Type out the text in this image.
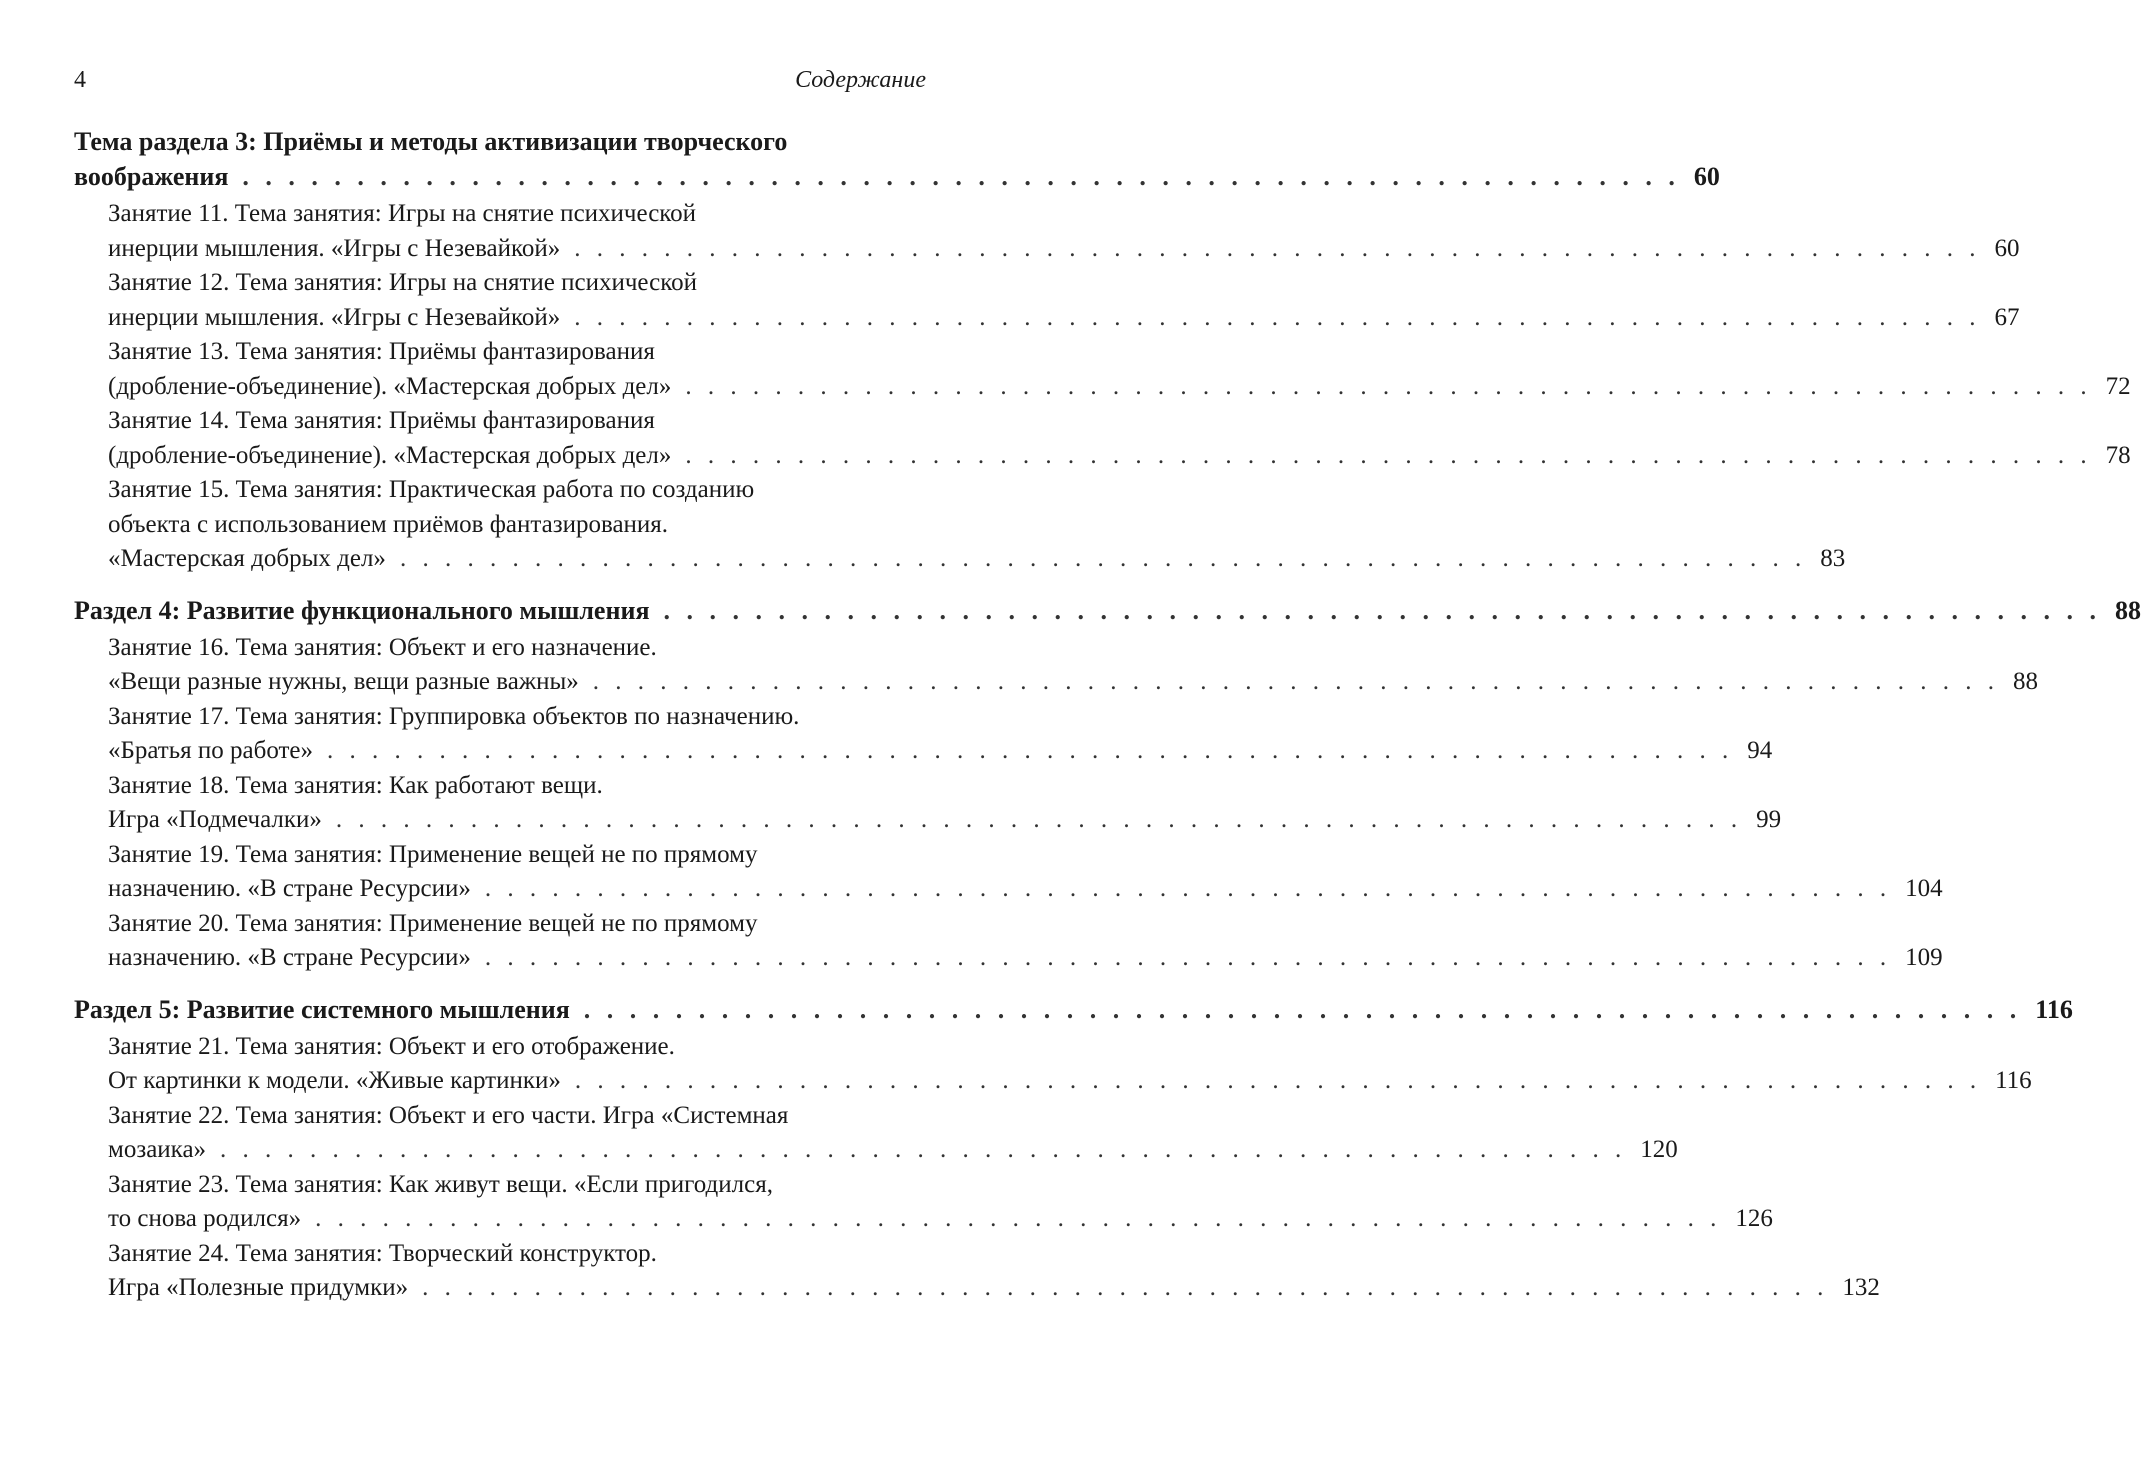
4	Содержание
Тема раздела 3: Приёмы и методы активизации творческого
воображения . . . . . . . . . . . . . . . . . . . . . . . . . . . . . . . . . . . . . . . . . . . . . . . . . . . . . . . . . . . . . . . 60
Занятие 11. Тема занятия: Игры на снятие психической
инерции мышления. «Игры с Незевайкой» . . . . . . . . . . . . . . . . . . . . . . . . . . . . . . . . . . . . . . . . . . . . . . . . . . . . . . . . . . . . . . . 60
Занятие 12. Тема занятия: Игры на снятие психической
инерции мышления. «Игры с Незевайкой» . . . . . . . . . . . . . . . . . . . . . . . . . . . . . . . . . . . . . . . . . . . . . . . . . . . . . . . . . . . . . . . 67
Занятие 13. Тема занятия: Приёмы фантазирования
(дробление-объединение). «Мастерская добрых дел» . . . . . . . . . . . . . . . . . . . . . . . . . . . . . . . . . . . . . . . . . . . . . . . . . . . . . . . . . . . . . . . 72
Занятие 14. Тема занятия: Приёмы фантазирования
(дробление-объединение). «Мастерская добрых дел» . . . . . . . . . . . . . . . . . . . . . . . . . . . . . . . . . . . . . . . . . . . . . . . . . . . . . . . . . . . . . . . 78
Занятие 15. Тема занятия: Практическая работа по созданию
объекта с использованием приёмов фантазирования.
«Мастерская добрых дел» . . . . . . . . . . . . . . . . . . . . . . . . . . . . . . . . . . . . . . . . . . . . . . . . . . . . . . . . . . . . . . . 83
Раздел 4: Развитие функционального мышления . . . . . . . . . . . . . . . . . . . . . . . . . . . . . . . . . . . . . . . . . . . . . . . . . . . . . . . . . . . . . . . 88
Занятие 16. Тема занятия: Объект и его назначение.
«Вещи разные нужны, вещи разные важны» . . . . . . . . . . . . . . . . . . . . . . . . . . . . . . . . . . . . . . . . . . . . . . . . . . . . . . . . . . . . . . . 88
Занятие 17. Тема занятия: Группировка объектов по назначению.
«Братья по работе» . . . . . . . . . . . . . . . . . . . . . . . . . . . . . . . . . . . . . . . . . . . . . . . . . . . . . . . . . . . . . . . 94
Занятие 18. Тема занятия: Как работают вещи.
Игра «Подмечалки» . . . . . . . . . . . . . . . . . . . . . . . . . . . . . . . . . . . . . . . . . . . . . . . . . . . . . . . . . . . . . . . 99
Занятие 19. Тема занятия: Применение вещей не по прямому
назначению. «В стране Ресурсии» . . . . . . . . . . . . . . . . . . . . . . . . . . . . . . . . . . . . . . . . . . . . . . . . . . . . . . . . . . . . . . . 104
Занятие 20. Тема занятия: Применение вещей не по прямому
назначению. «В стране Ресурсии» . . . . . . . . . . . . . . . . . . . . . . . . . . . . . . . . . . . . . . . . . . . . . . . . . . . . . . . . . . . . . . . 109
Раздел 5: Развитие системного мышления . . . . . . . . . . . . . . . . . . . . . . . . . . . . . . . . . . . . . . . . . . . . . . . . . . . . . . . . . . . . . . . 116
Занятие 21. Тема занятия: Объект и его отображение.
От картинки к модели. «Живые картинки» . . . . . . . . . . . . . . . . . . . . . . . . . . . . . . . . . . . . . . . . . . . . . . . . . . . . . . . . . . . . . . . 116
Занятие 22. Тема занятия: Объект и его части. Игра «Системная
мозаика» . . . . . . . . . . . . . . . . . . . . . . . . . . . . . . . . . . . . . . . . . . . . . . . . . . . . . . . . . . . . . . . 120
Занятие 23. Тема занятия: Как живут вещи. «Если пригодился,
то снова родился» . . . . . . . . . . . . . . . . . . . . . . . . . . . . . . . . . . . . . . . . . . . . . . . . . . . . . . . . . . . . . . . 126
Занятие 24. Тема занятия: Творческий конструктор.
Игра «Полезные придумки» . . . . . . . . . . . . . . . . . . . . . . . . . . . . . . . . . . . . . . . . . . . . . . . . . . . . . . . . . . . . . . . 132
